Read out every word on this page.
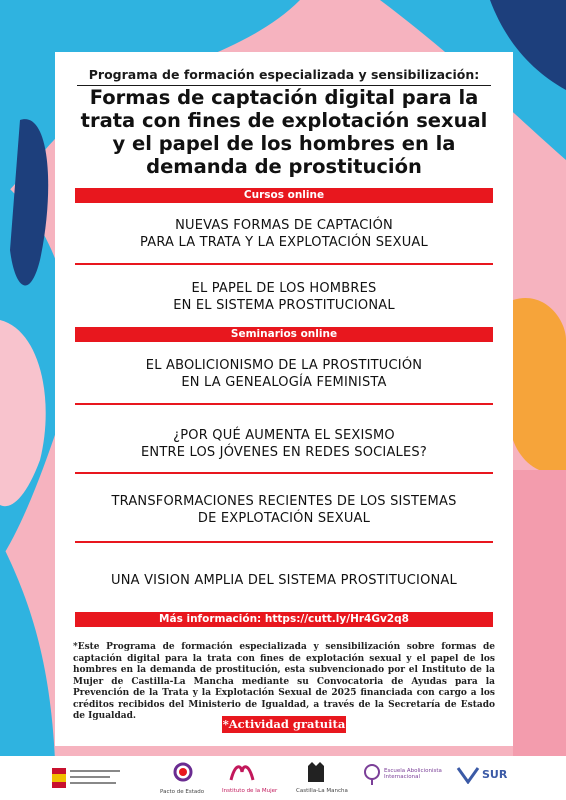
Programa de formación especializada y sensibilización:
Formas de captación digital para la
trata con fines de explotación sexual
y el papel de los hombres en la
demanda de prostitución
Cursos online
NUEVAS FORMAS DE CAPTACIÓN
PARA LA TRATA Y LA EXPLOTACIÓN SEXUAL
EL PAPEL DE LOS HOMBRES
EN EL SISTEMA PROSTITUCIONAL
Seminarios online
EL ABOLICIONISMO DE LA PROSTITUCIÓN
EN LA GENEALOGÍA FEMINISTA
¿POR QUÉ AUMENTA EL SEXISMO
ENTRE LOS JÓVENES EN REDES SOCIALES?
TRANSFORMACIONES RECIENTES DE LOS SISTEMAS
DE EXPLOTACIÓN SEXUAL
UNA VISION AMPLIA DEL SISTEMA PROSTITUCIONAL
Más información: https://cutt.ly/Hr4Gv2q8
*Este Programa de formación especializada y sensibilización sobre formas de captación digital para la trata con fines de explotación sexual y el papel de los hombres en la demanda de prostitución, esta subvencionado por el Instituto de la Mujer de Castilla-La Mancha mediante su Convocatoria de Ayudas para la Prevención de la Trata y la Explotación Sexual de 2025 financiada con cargo a los créditos recibidos del Ministerio de Igualdad, a través de la Secretaría de Estado de Igualdad.
*Actividad gratuita
Pacto de Estado	Instituto de la Mujer	Castilla-La Mancha
Escuela Abolicionista Internacional	SUR
